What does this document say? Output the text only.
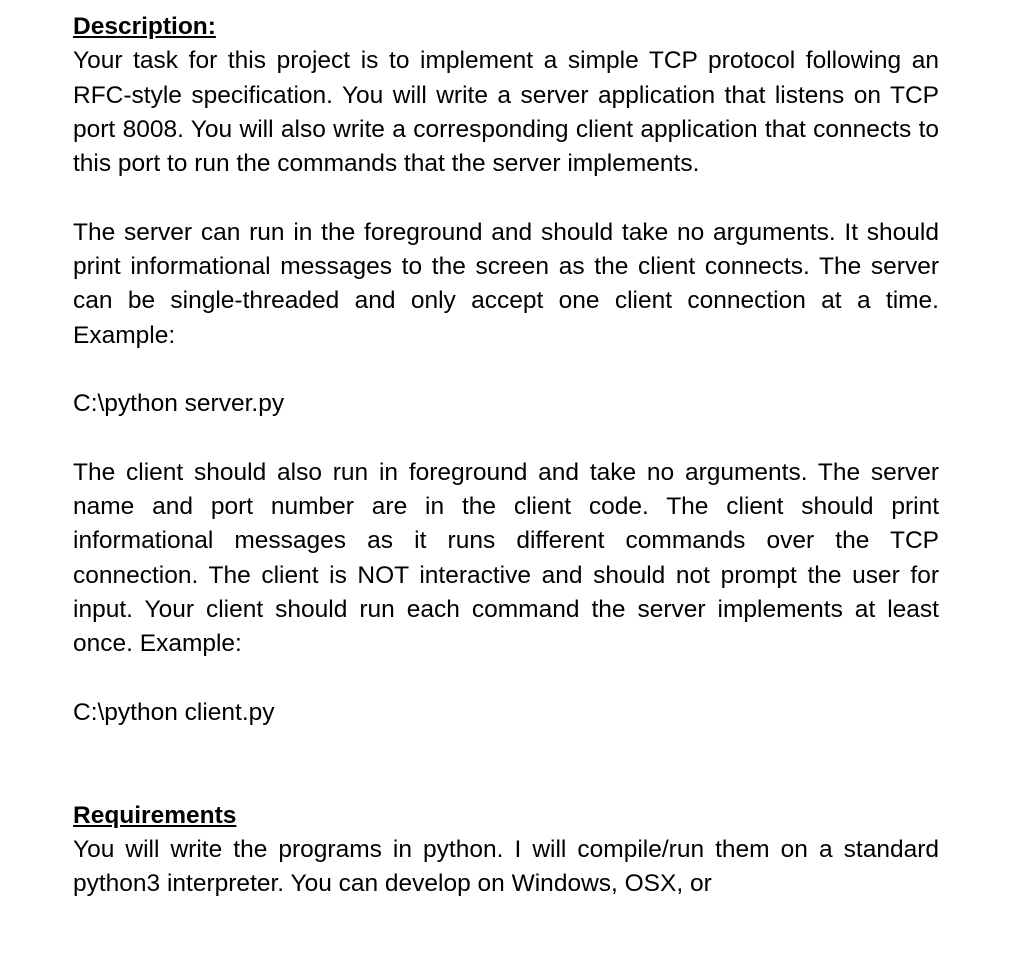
Description:

Your task for this project is to implement a simple TCP protocol following an RFC-style specification. You will write a server application that listens on TCP port 8008. You will also write a corresponding client application that connects to this port to run the commands that the server implements.

The server can run in the foreground and should take no arguments. It should print informational messages to the screen as the client connects. The server can be single-threaded and only accept one client connection at a time. Example:

C:\python server.py

The client should also run in foreground and take no arguments. The server name and port number are in the client code. The client should print informational messages as it runs different commands over the TCP connection. The client is NOT interactive and should not prompt the user for input. Your client should run each command the server implements at least once. Example:

C:\python client.py

Requirements

You will write the programs in python. I will compile/run them on a standard python3 interpreter. You can develop on Windows, OSX, or
